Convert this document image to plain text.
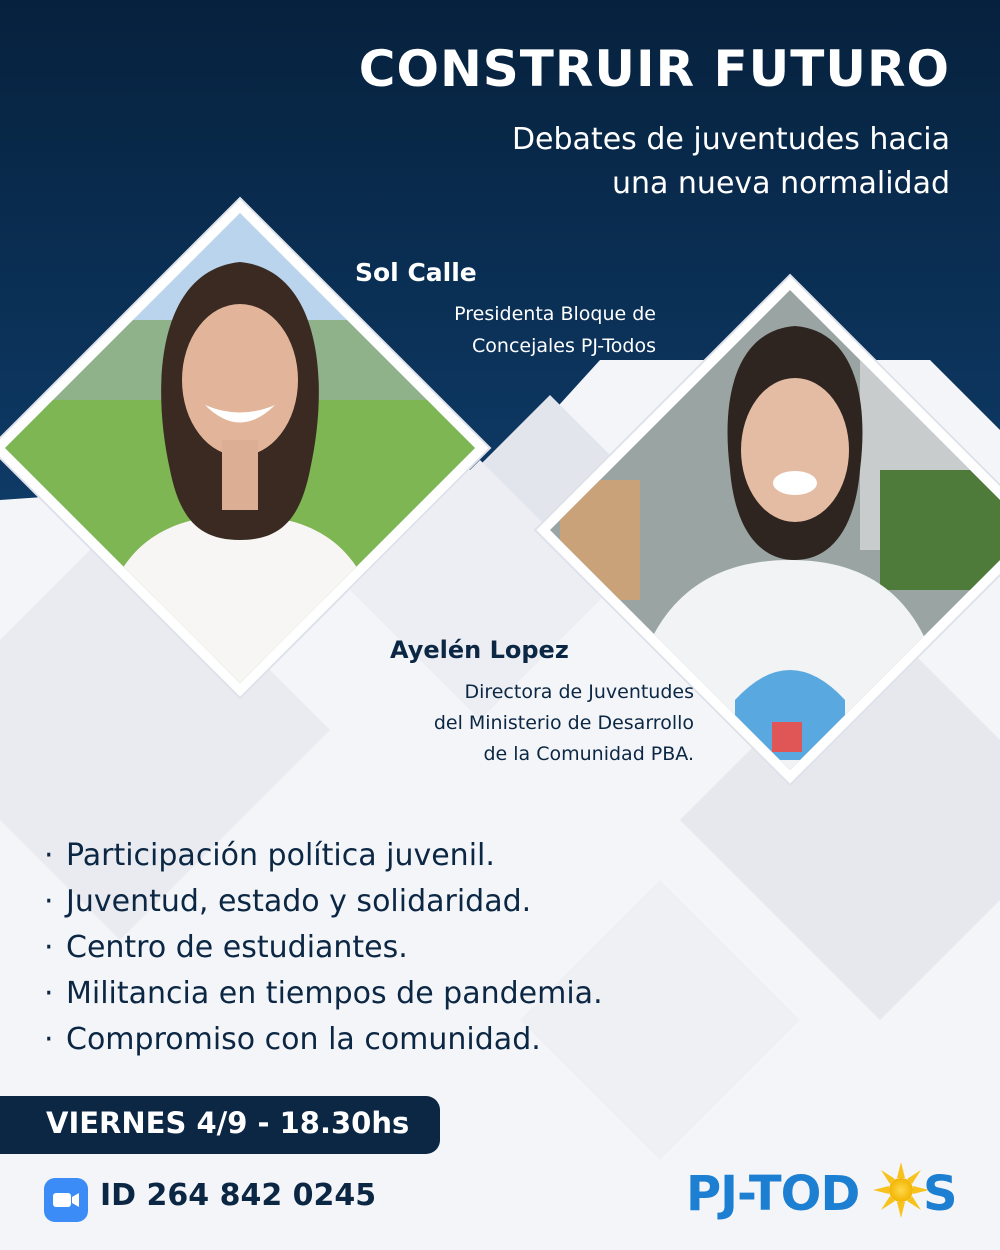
CONSTRUIR FUTURO

Debates de juventudes hacia
una nueva normalidad

Sol Calle

Presidenta Bloque de
Concejales PJ-Todos

Ayelén Lopez

Directora de Juventudes
del Ministerio de Desarrollo
de la Comunidad PBA.

· Participación política juvenil.
· Juventud, estado y solidaridad.
· Centro de estudiantes.
· Militancia en tiempos de pandemia.
· Compromiso con la comunidad.
VIERNES 4/9 - 18.30hs
ID 264 842 0245	PJ-TOD S
